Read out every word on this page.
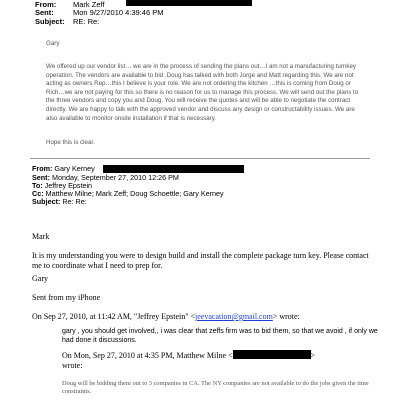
From: Mark Zeff
Sent:	Mon 9/27/2010 4:39:46 PM
Subject: RE: Re:
Gary
We offered up our vendor list… we are in the process of sending the plans out…I am not a manufacturing turnkey operation. The vendors are available to bid .Doug has talked with both Jorge and Matt regarding this. We are not acting as owners Rep…this I believe is your role. We are not ordering the kitchen …this is coming from Doug or Rich…we are not paying for this so there is no reason for us to manage this process. We will send out the plans to the three vendors and copy you and Doug. You will receive the quotes and will be able to negotiate the contract directly. We are happy to talk with the approved vendor and discuss any design or constructability issues. We are also available to monitor onsite installation if that is necessary.
Hope this is clear.
From: Gary Kerney
Sent: Monday, September 27, 2010 12:26 PM
To: Jeffrey Epstein
Cc: Matthew Milne; Mark Zeff; Doug Schoettle; Gary Kerney
Subject: Re: Re:
Mark
It is my understanding you were to design build and install the complete package turn key. Please contact me to coordinate what I need to prep for.
Gary
Sent from my iPhone
On Sep 27, 2010, at 11:42 AM, "Jeffrey Epstein" <jeevacation@gmail.com> wrote:
gary , you should get involved,, i was clear that zeffs firm was to bid them, so that we avoid , if only we had done it discussions.
On Mon, Sep 27, 2010 at 4:35 PM, Matthew Milne <	>
wrote:
Doug will be bidding them out to 3 companies in CA. The NY companies are not available to do the jobs given the time constraints.
